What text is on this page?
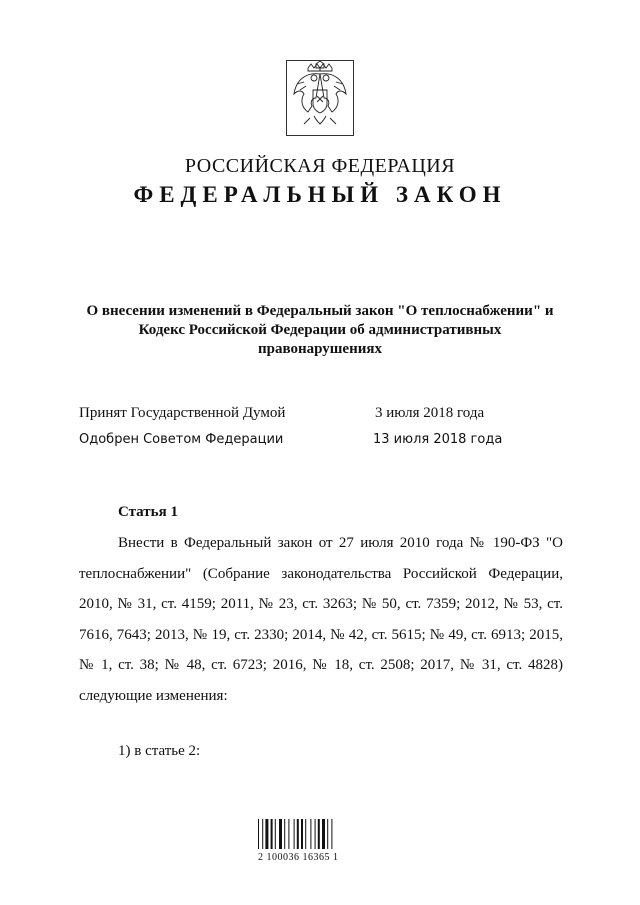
РОССИЙСКАЯ ФЕДЕРАЦИЯ
ФЕДЕРАЛЬНЫЙ ЗАКОН
О внесении изменений в Федеральный закон "О теплоснабжении" и Кодекс Российской Федерации об административных правонарушениях
Принят Государственной Думой	3 июля 2018 года
Одобрен Советом Федерации	13 июля 2018 года
Статья 1
Внести в Федеральный закон от 27 июля 2010 года № 190-ФЗ "О теплоснабжении" (Собрание законодательства Российской Федерации, 2010, № 31, ст. 4159; 2011, № 23, ст. 3263; № 50, ст. 7359; 2012, № 53, ст. 7616, 7643; 2013, № 19, ст. 2330; 2014, № 42, ст. 5615; № 49, ст. 6913; 2015, № 1, ст. 38; № 48, ст. 6723; 2016, № 18, ст. 2508; 2017, № 31, ст. 4828) следующие изменения:
1) в статье 2:
2 100036 16365 1
